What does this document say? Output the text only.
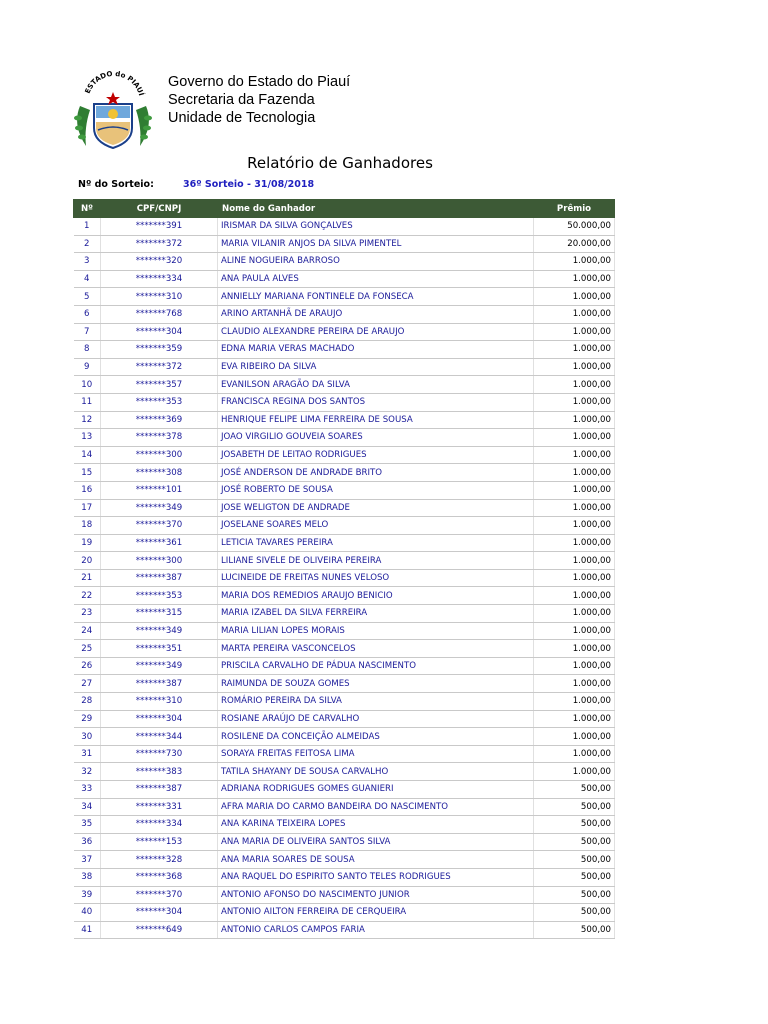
ESTADO do PIAUÍ
Governo do Estado do Piauí
Secretaria da Fazenda
Unidade de Tecnologia
Relatório de Ganhadores
Nº do Sorteio:	36º Sorteio - 31/08/2018
Nº	CPF/CNPJ	Nome do Ganhador	Prêmio
1	*******391	IRISMAR DA SILVA GONÇALVES	50.000,00
2	*******372	MARIA VILANIR ANJOS DA SILVA PIMENTEL	20.000,00
3	*******320	ALINE NOGUEIRA BARROSO	1.000,00
4	*******334	ANA PAULA ALVES	1.000,00
5	*******310	ANNIELLY MARIANA FONTINELE DA FONSECA	1.000,00
6	*******768	ARINO ARTANHÃ DE ARAUJO	1.000,00
7	*******304	CLAUDIO ALEXANDRE PEREIRA DE ARAUJO	1.000,00
8	*******359	EDNA MARIA VERAS MACHADO	1.000,00
9	*******372	EVA RIBEIRO DA SILVA	1.000,00
10	*******357	EVANILSON ARAGÃO DA SILVA	1.000,00
11	*******353	FRANCISCA REGINA DOS SANTOS	1.000,00
12	*******369	HENRIQUE FELIPE LIMA FERREIRA DE SOUSA	1.000,00
13	*******378	JOAO VIRGILIO GOUVEIA SOARES	1.000,00
14	*******300	JOSABETH DE LEITAO RODRIGUES	1.000,00
15	*******308	JOSÉ ANDERSON DE ANDRADE BRITO	1.000,00
16	*******101	JOSÉ ROBERTO DE SOUSA	1.000,00
17	*******349	JOSE WELIGTON DE ANDRADE	1.000,00
18	*******370	JOSELANE SOARES MELO	1.000,00
19	*******361	LETICIA TAVARES PEREIRA	1.000,00
20	*******300	LILIANE SIVELE DE OLIVEIRA PEREIRA	1.000,00
21	*******387	LUCINEIDE DE FREITAS NUNES VELOSO	1.000,00
22	*******353	MARIA DOS REMEDIOS ARAUJO BENICIO	1.000,00
23	*******315	MARIA IZABEL DA SILVA FERREIRA	1.000,00
24	*******349	MARIA LILIAN LOPES MORAIS	1.000,00
25	*******351	MARTA PEREIRA VASCONCELOS	1.000,00
26	*******349	PRISCILA CARVALHO DE PÁDUA NASCIMENTO	1.000,00
27	*******387	RAIMUNDA DE SOUZA GOMES	1.000,00
28	*******310	ROMÁRIO PEREIRA DA SILVA	1.000,00
29	*******304	ROSIANE ARAÚJO DE CARVALHO	1.000,00
30	*******344	ROSILENE DA CONCEIÇÃO ALMEIDAS	1.000,00
31	*******730	SORAYA FREITAS FEITOSA LIMA	1.000,00
32	*******383	TATILA SHAYANY DE SOUSA CARVALHO	1.000,00
33	*******387	ADRIANA RODRIGUES GOMES GUANIERI	500,00
34	*******331	AFRA MARIA DO CARMO BANDEIRA DO NASCIMENTO	500,00
35	*******334	ANA KARINA TEIXEIRA LOPES	500,00
36	*******153	ANA MARIA DE OLIVEIRA SANTOS SILVA	500,00
37	*******328	ANA MARIA SOARES DE SOUSA	500,00
38	*******368	ANA RAQUEL DO ESPIRITO SANTO TELES RODRIGUES	500,00
39	*******370	ANTONIO AFONSO DO NASCIMENTO JUNIOR	500,00
40	*******304	ANTONIO AILTON FERREIRA DE CERQUEIRA	500,00
41	*******649	ANTONIO CARLOS CAMPOS FARIA	500,00
